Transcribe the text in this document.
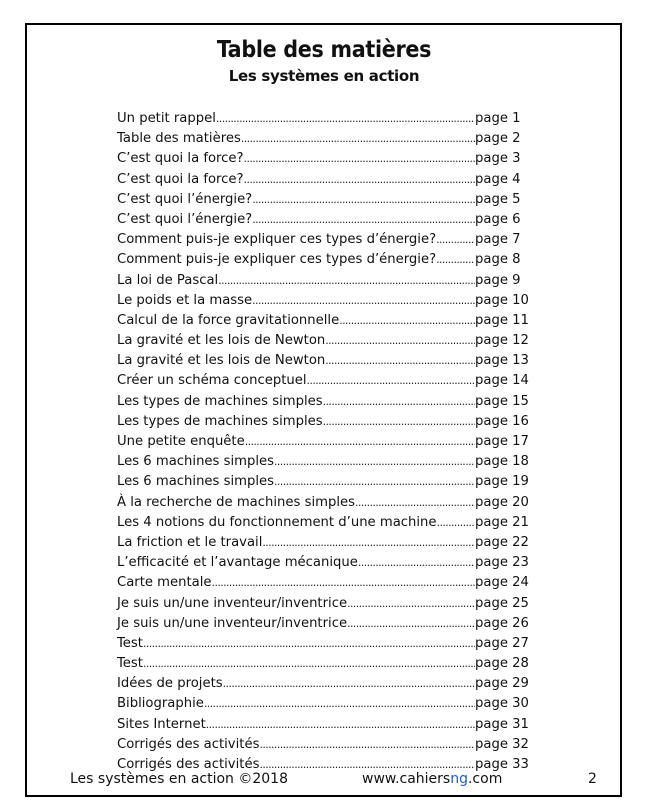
Table des matières
Les systèmes en action
Un petit rappel .....	page 1
Table des matières .....	page 2
C’est quoi la force? .....	page 3
C’est quoi la force? .....	page 4
C’est quoi l’énergie? .....	page 5
C’est quoi l’énergie? .....	page 6
Comment puis-je expliquer ces types d’énergie? .....	page 7
Comment puis-je expliquer ces types d’énergie? .....	page 8
La loi de Pascal .....	page 9
Le poids et la masse .....	page 10
Calcul de la force gravitationnelle .....	page 11
La gravité et les lois de Newton .....	page 12
La gravité et les lois de Newton .....	page 13
Créer un schéma conceptuel .....	page 14
Les types de machines simples .....	page 15
Les types de machines simples .....	page 16
Une petite enquête .....	page 17
Les 6 machines simples .....	page 18
Les 6 machines simples .....	page 19
À la recherche de machines simples .....	page 20
Les 4 notions du fonctionnement d’une machine .....	page 21
La friction et le travail .....	page 22
L’efficacité et l’avantage mécanique .....	page 23
Carte mentale .....	page 24
Je suis un/une inventeur/inventrice .....	page 25
Je suis un/une inventeur/inventrice .....	page 26
Test .....	page 27
Test .....	page 28
Idées de projets .....	page 29
Bibliographie .....	page 30
Sites Internet .....	page 31
Corrigés des activités .....	page 32
Corrigés des activités .....	page 33
Les systèmes en action ©2018	www.cahiersng.com	2
